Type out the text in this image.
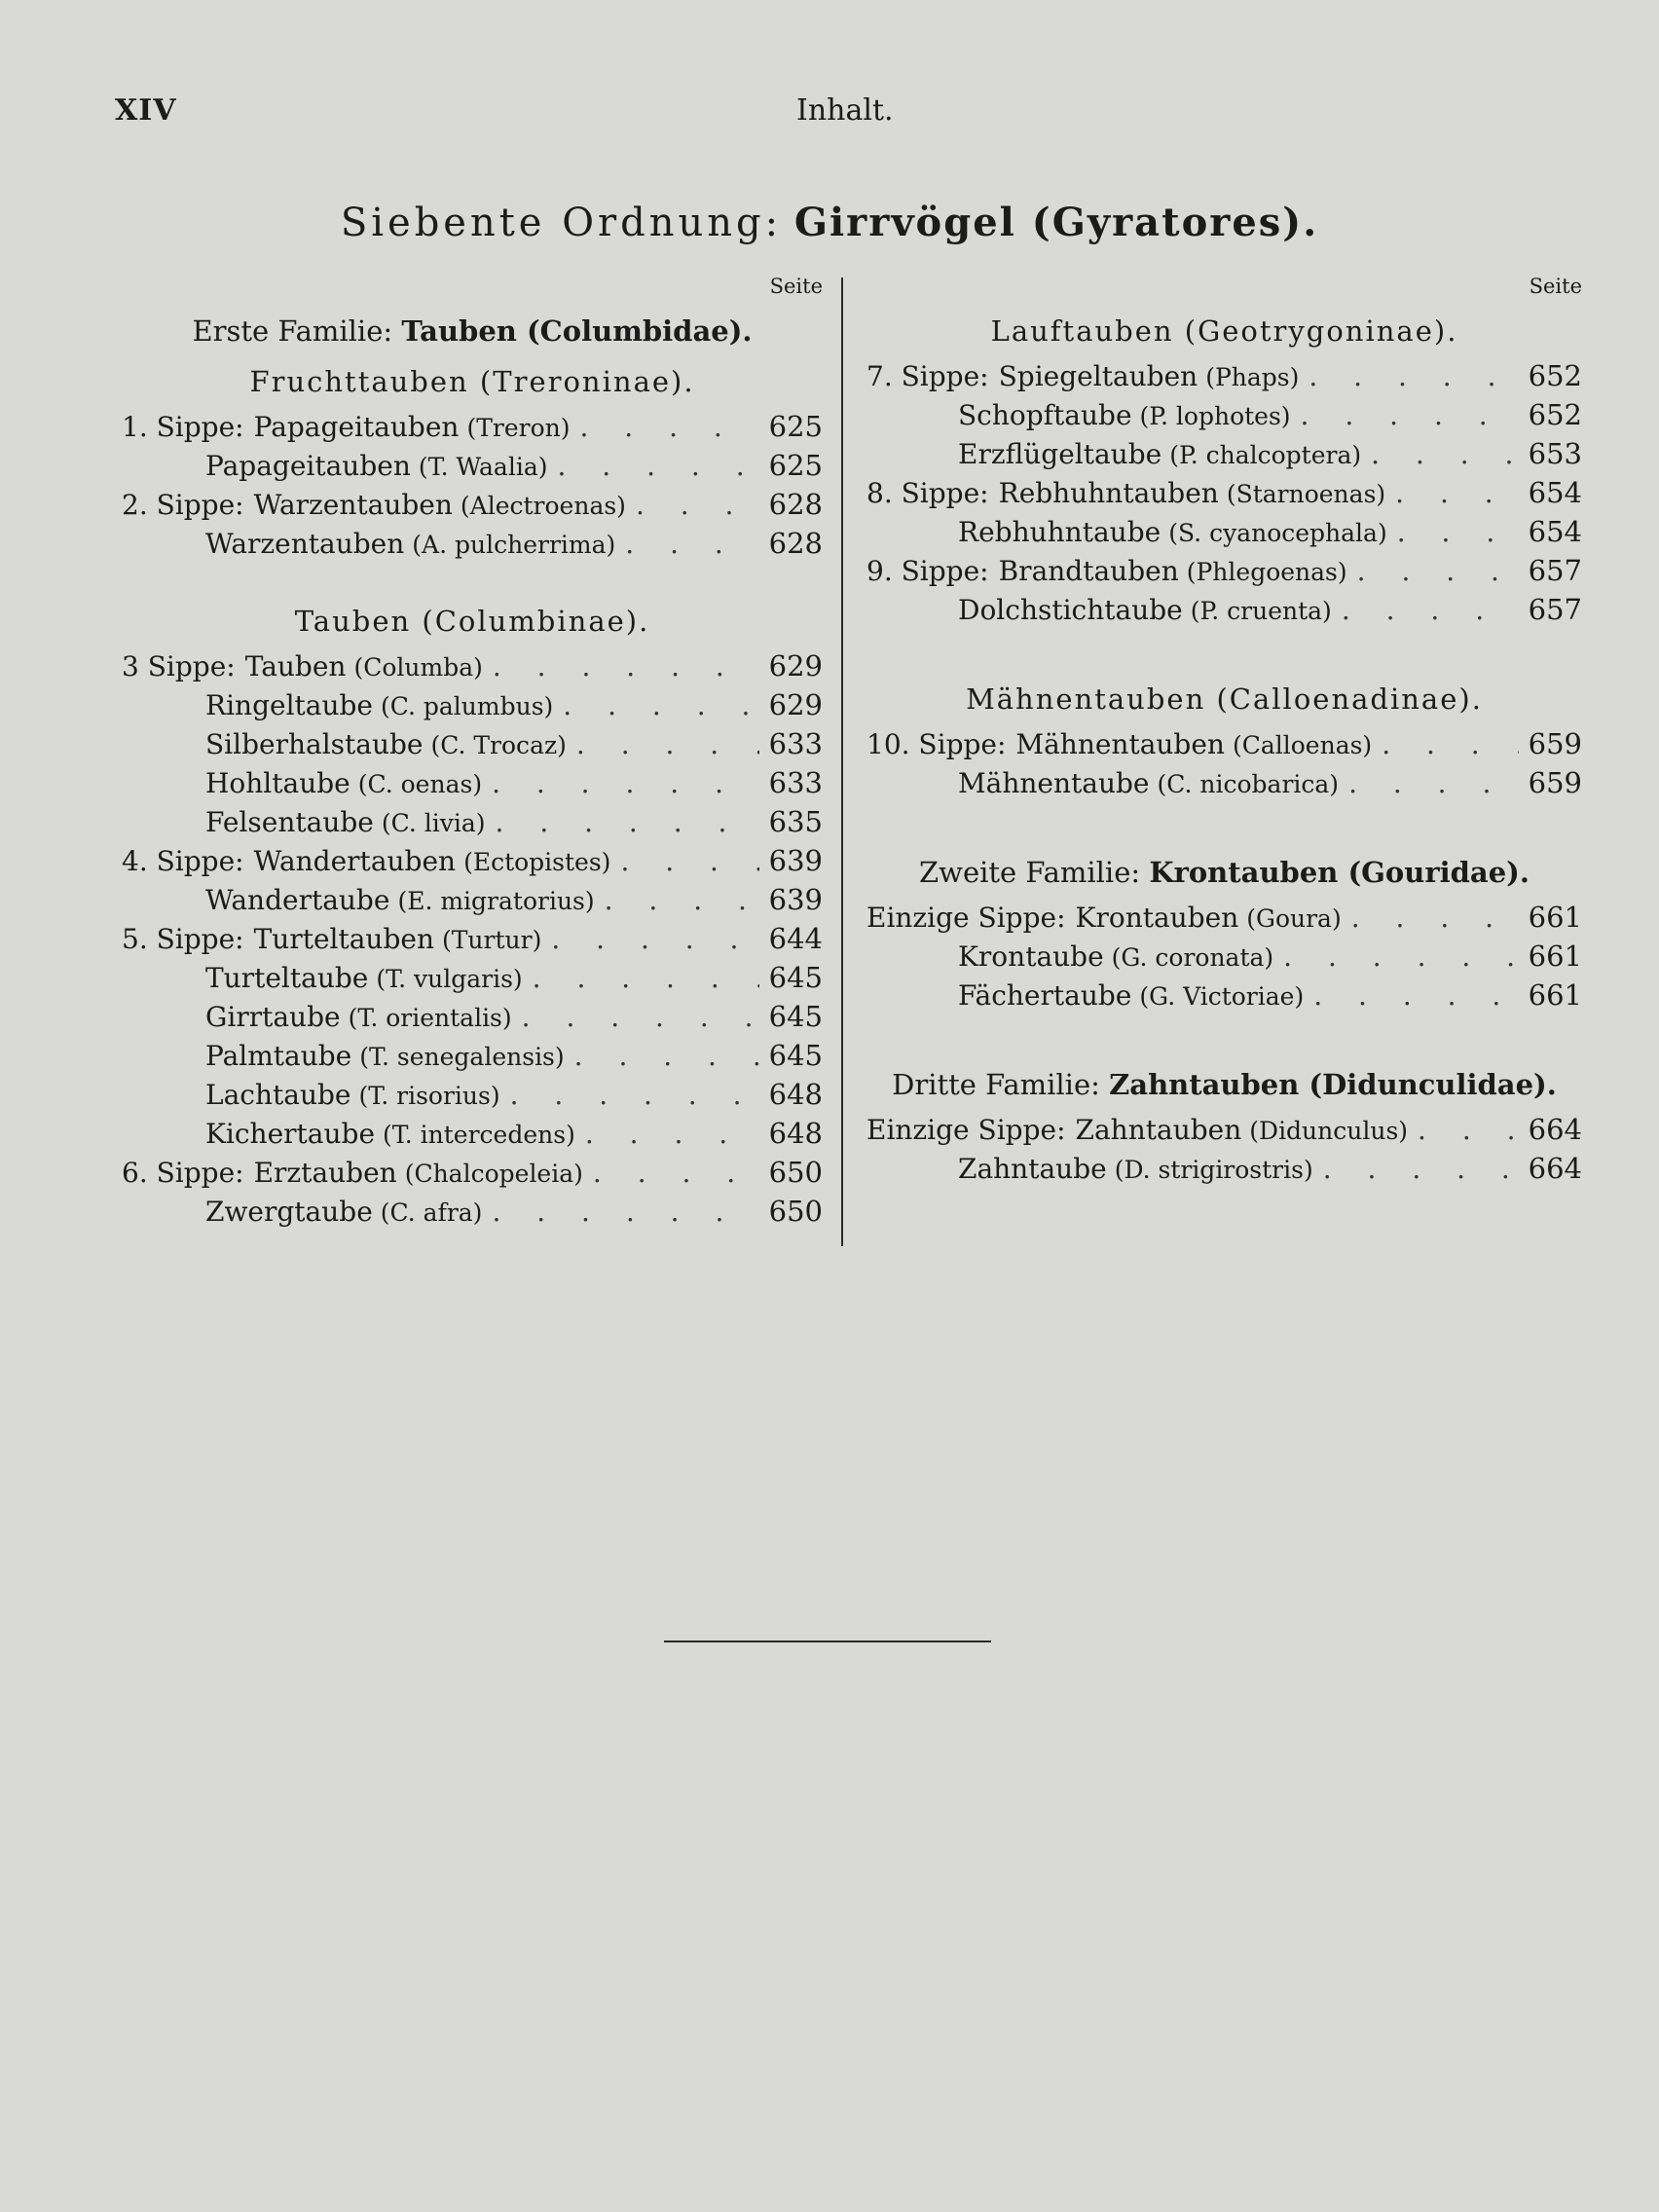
XIV	Inhalt.
Siebente Ordnung: Girrvögel (Gyratores).
Seite
Erste Familie: Tauben (Columbidae).
Fruchttauben (Treroninae).
1. Sippe: Papageitauben (Treron) . . .	625
Papageitauben (T. Waalia) . . .	625
2. Sippe: Warzentauben (Alectroenas) . . .	628
Warzentauben (A. pulcherrima) . . .	628
Tauben (Columbinae).
3 Sippe: Tauben (Columba) . . .	629
Ringeltaube (C. palumbus) . . .	629
Silberhalstaube (C. Trocaz) . . .	633
Hohltaube (C. oenas) . . .	633
Felsentaube (C. livia) . . .	635
4. Sippe: Wandertauben (Ectopistes) . . .	639
Wandertaube (E. migratorius) . . .	639
5. Sippe: Turteltauben (Turtur) . . .	644
Turteltaube (T. vulgaris) . . .	645
Girrtaube (T. orientalis) . . .	645
Palmtaube (T. senegalensis) . . .	645
Lachtaube (T. risorius) . . .	648
Kichertaube (T. intercedens) . . .	648
6. Sippe: Erztauben (Chalcopeleia) . . .	650
Zwergtaube (C. afra) . . .	650
Seite
Lauftauben (Geotrygoninae).
7. Sippe: Spiegeltauben (Phaps) . . .	652
Schopftaube (P. lophotes) . . .	652
Erzflügeltaube (P. chalcoptera) . . .	653
8. Sippe: Rebhuhntauben (Starnoenas) . . .	654
Rebhuhntaube (S. cyanocephala) . . .	654
9. Sippe: Brandtauben (Phlegoenas) . . .	657
Dolchstichtaube (P. cruenta) . . .	657
Mähnentauben (Calloenadinae).
10. Sippe: Mähnentauben (Calloenas) . . .	659
Mähnentaube (C. nicobarica) . . .	659
Zweite Familie: Krontauben (Gouridae).
Einzige Sippe: Krontauben (Goura) . . .	661
Krontaube (G. coronata) . . .	661
Fächertaube (G. Victoriae) . . .	661
Dritte Familie: Zahntauben (Didunculidae).
Einzige Sippe: Zahntauben (Didunculus) . . .	664
Zahntaube (D. strigirostris) . . .	664
